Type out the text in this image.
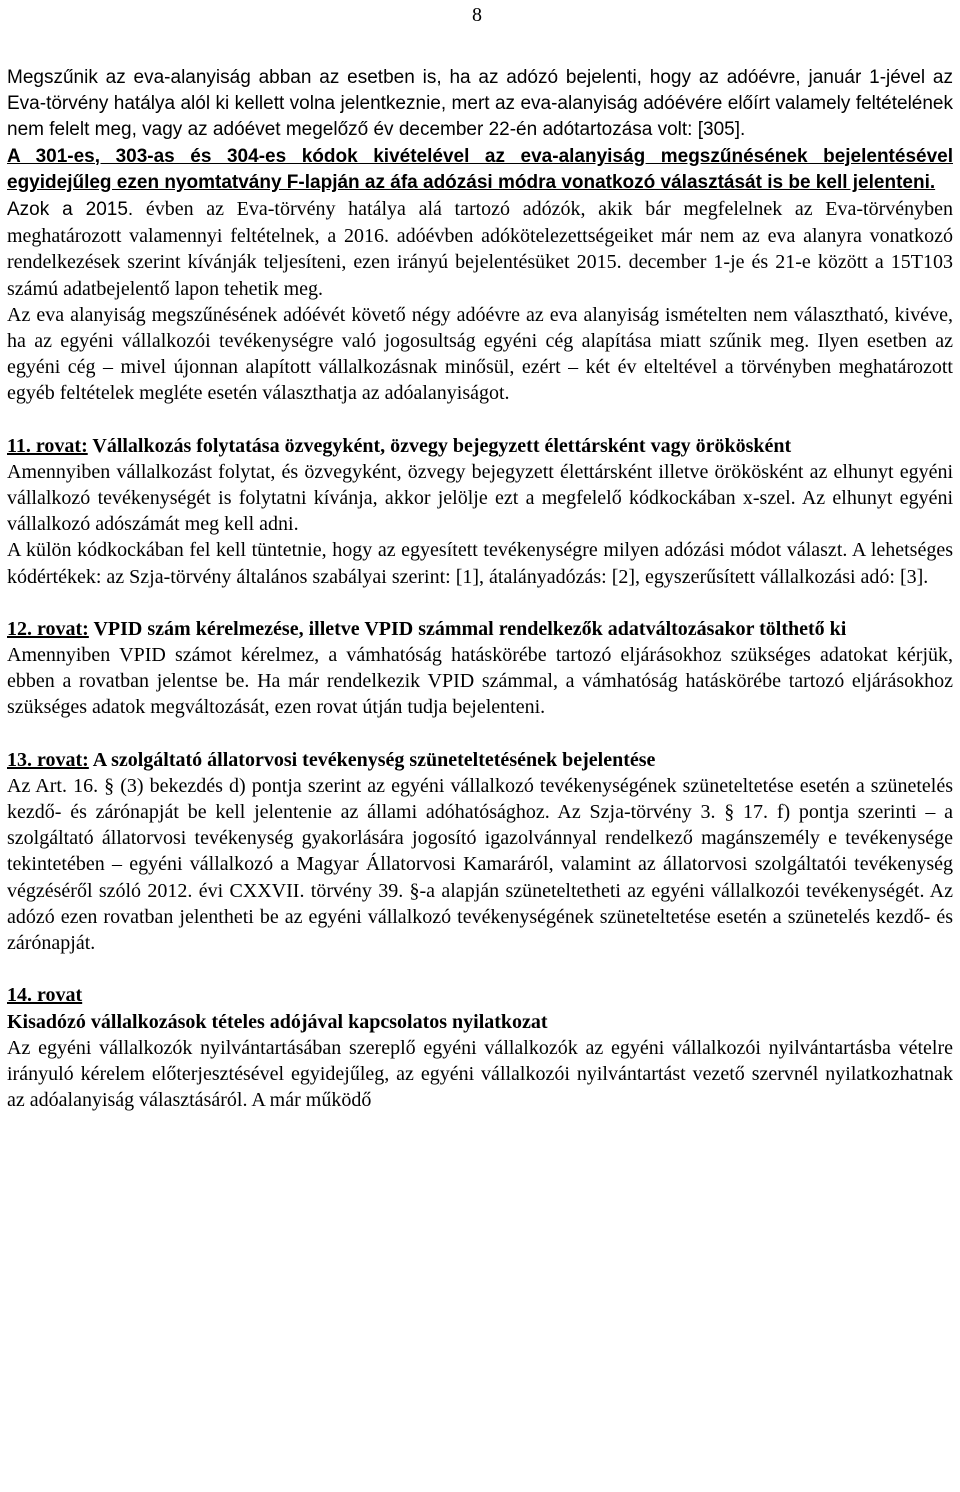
8

Megszűnik az eva-alanyiság abban az esetben is, ha az adózó bejelenti, hogy az adóévre, január 1-jével az Eva-törvény hatálya alól ki kellett volna jelentkeznie, mert az eva-alanyiság adóévére előírt valamely feltételének nem felelt meg, vagy az adóévet megelőző év december 22-én adótartozása volt: [305].

A 301-es, 303-as és 304-es kódok kivételével az eva-alanyiság megszűnésének bejelentésével egyidejűleg ezen nyomtatvány F-lapján az áfa adózási módra vonatkozó választását is be kell jelenteni.

Azok a 2015. évben az Eva-törvény hatálya alá tartozó adózók, akik bár megfelelnek az Eva-törvényben meghatározott valamennyi feltételnek, a 2016. adóévben adókötelezettségeiket már nem az eva alanyra vonatkozó rendelkezések szerint kívánják teljesíteni, ezen irányú bejelentésüket 2015. december 1-je és 21-e között a 15T103 számú adatbejelentő lapon tehetik meg.

Az eva alanyiság megszűnésének adóévét követő négy adóévre az eva alanyiság ismételten nem választható, kivéve, ha az egyéni vállalkozói tevékenységre való jogosultság egyéni cég alapítása miatt szűnik meg. Ilyen esetben az egyéni cég – mivel újonnan alapított vállalkozásnak minősül, ezért – két év elteltével a törvényben meghatározott egyéb feltételek megléte esetén választhatja az adóalanyiságot.

11. rovat: Vállalkozás folytatása özvegyként, özvegy bejegyzett élettársként vagy örökösként

Amennyiben vállalkozást folytat, és özvegyként, özvegy bejegyzett élettársként illetve örökösként az elhunyt egyéni vállalkozó tevékenységét is folytatni kívánja, akkor jelölje ezt a megfelelő kódkockában x-szel. Az elhunyt egyéni vállalkozó adószámát meg kell adni.

A külön kódkockában fel kell tüntetnie, hogy az egyesített tevékenységre milyen adózási módot választ. A lehetséges kódértékek: az Szja-törvény általános szabályai szerint: [1], átalányadózás: [2], egyszerűsített vállalkozási adó: [3].

12. rovat: VPID szám kérelmezése, illetve VPID számmal rendelkezők adatváltozásakor tölthető ki

Amennyiben VPID számot kérelmez, a vámhatóság hatáskörébe tartozó eljárásokhoz szükséges adatokat kérjük, ebben a rovatban jelentse be. Ha már rendelkezik VPID számmal, a vámhatóság hatáskörébe tartozó eljárásokhoz szükséges adatok megváltozását, ezen rovat útján tudja bejelenteni.

13. rovat: A szolgáltató állatorvosi tevékenység szüneteltetésének bejelentése

Az Art. 16. § (3) bekezdés d) pontja szerint az egyéni vállalkozó tevékenységének szüneteltetése esetén a szünetelés kezdő- és zárónapját be kell jelentenie az állami adóhatósághoz. Az Szja-törvény 3. § 17. f) pontja szerinti – a szolgáltató állatorvosi tevékenység gyakorlására jogosító igazolvánnyal rendelkező magánszemély e tevékenysége tekintetében – egyéni vállalkozó a Magyar Állatorvosi Kamaráról, valamint az állatorvosi szolgáltatói tevékenység végzéséről szóló 2012. évi CXXVII. törvény 39. §-a alapján szüneteltetheti az egyéni vállalkozói tevékenységét. Az adózó ezen rovatban jelentheti be az egyéni vállalkozó tevékenységének szüneteltetése esetén a szünetelés kezdő- és zárónapját.

14. rovat

Kisadózó vállalkozások tételes adójával kapcsolatos nyilatkozat

Az egyéni vállalkozók nyilvántartásában szereplő egyéni vállalkozók az egyéni vállalkozói nyilvántartásba vételre irányuló kérelem előterjesztésével egyidejűleg, az egyéni vállalkozói nyilvántartást vezető szervnél nyilatkozhatnak az adóalanyiság választásáról. A már működő
